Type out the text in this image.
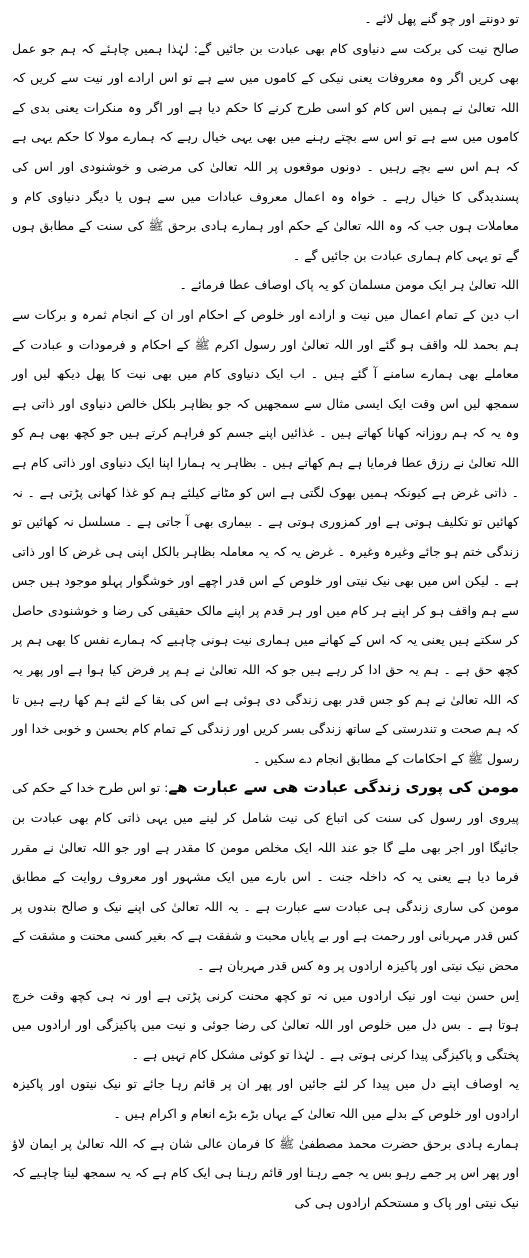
تو دونتے اور چو گنے پھل لائے ۔

صالح نیت کی برکت سے دنیاوی کام بھی عبادت بن جائیں گے: لہٰذا ہمیں چاہئے کہ ہم جو عمل بھی کریں اگر وہ معروفات یعنی نیکی کے کاموں میں سے ہے تو اس ارادے اور نیت سے کریں کہ اللہ تعالیٰ نے ہمیں اس کام کو اسی طرح کرنے کا حکم دیا ہے اور اگر وہ منکرات یعنی بدی کے کاموں میں سے ہے تو اس سے بچتے رہنے میں بھی یہی خیال رہے کہ ہمارے مولا کا حکم یہی ہے کہ ہم اس سے بچے رہیں ۔ دونوں موقعوں پر اللہ تعالیٰ کی مرضی و خوشنودی اور اس کی پسندیدگی کا خیال رہے ۔ خواہ وہ اعمال معروف عبادات میں سے ہوں یا دیگر دنیاوی کام و معاملات ہوں جب کہ وہ اللہ تعالیٰ کے حکم اور ہمارے ہادی برحق ﷺ کی سنت کے مطابق ہوں گے تو یہی کام ہماری عبادت بن جائیں گے ۔

اللہ تعالیٰ ہر ایک مومن مسلمان کو یہ پاک اوصاف عطا فرمائے ۔

اب دین کے تمام اعمال میں نیت و ارادے اور خلوص کے احکام اور ان کے انجام ثمرہ و برکات سے ہم بحمد للہ واقف ہو گئے اور اللہ تعالیٰ اور رسول اکرم ﷺ کے احکام و فرمودات و عبادت کے معاملے بھی ہمارے سامنے آ گئے ہیں ۔ اب ایک دنیاوی کام میں بھی نیت کا پھل دیکھ لیں اور سمجھ لیں اس وقت ایک ایسی مثال سے سمجھیں کہ جو بظاہر بلکل خالص دنیاوی اور ذاتی ہے وہ یہ کہ ہم روزانہ کھانا کھاتے ہیں ۔ غذائیں اپنے جسم کو فراہم کرتے ہیں جو کچھ بھی ہم کو اللہ تعالیٰ نے رزق عطا فرمایا ہے ہم کھاتے ہیں ۔ بظاہر یہ ہمارا اپنا ایک دنیاوی اور ذاتی کام ہے ۔ ذاتی غرض ہے کیونکہ ہمیں بھوک لگتی ہے اس کو مٹانے کیلئے ہم کو غذا کھانی پڑتی ہے ۔ نہ کھائیں تو تکلیف ہوتی ہے اور کمزوری ہوتی ہے ۔ بیماری بھی آ جاتی ہے ۔ مسلسل نہ کھائیں تو زندگی ختم ہو جائے وغیرہ وغیرہ ۔ غرض یہ کہ یہ معاملہ بظاہر بالکل اپنی ہی غرض کا اور ذاتی ہے ۔ لیکن اس میں بھی نیک نیتی اور خلوص کے اس قدر اچھے اور خوشگوار پہلو موجود ہیں جس سے ہم واقف ہو کر اپنے ہر کام میں اور ہر قدم پر اپنے مالک حقیقی کی رضا و خوشنودی حاصل کر سکتے ہیں یعنی یہ کہ اس کے کھانے میں ہماری نیت ہونی چاہیے کہ ہمارے نفس کا بھی ہم پر کچھ حق ہے ۔ ہم یہ حق ادا کر رہے ہیں جو کہ اللہ تعالیٰ نے ہم پر فرض کیا ہوا ہے اور پھر یہ کہ اللہ تعالیٰ نے ہم کو جس قدر بھی زندگی دی ہوئی ہے اس کی بقا کے لئے ہم کھا رہے ہیں تا کہ ہم صحت و تندرستی کے ساتھ زندگی بسر کریں اور زندگی کے تمام کام بحسن و خوبی خدا اور رسول ﷺ کے احکامات کے مطابق انجام دے سکیں ۔

مومن کی پوری زندگی عبادت ھی سے عبارت ھے: تو اس طرح خدا کے حکم کی پیروی اور رسول کی سنت کی اتباع کی نیت شامل کر لینے میں یہی ذاتی کام بھی عبادت بن جائیگا اور اجر بھی ملے گا جو عند اللہ ایک مخلص مومن کا مقدر ہے اور جو اللہ تعالیٰ نے مقرر فرما دیا ہے یعنی یہ کہ داخلہ جنت ۔ اس بارے میں ایک مشہور اور معروف روایت کے مطابق مومن کی ساری زندگی ہی عبادت سے عبارت ہے ۔ یہ اللہ تعالیٰ کی اپنے نیک و صالح بندوں پر کس قدر مہربانی اور رحمت ہے اور بے پایاں محبت و شفقت ہے کہ بغیر کسی محنت و مشقت کے محض نیک نیتی اور پاکیزہ ارادوں پر وہ کس قدر مہربان ہے ۔

اِس حسن نیت اور نیک ارادوں میں نہ تو کچھ محنت کرنی پڑتی ہے اور نہ ہی کچھ وقت خرچ ہوتا ہے ۔ بس دل میں خلوص اور اللہ تعالیٰ کی رضا جوئی و نیت میں پاکیزگی اور ارادوں میں پختگی و پاکیزگی پیدا کرنی ہوتی ہے ۔ لہٰذا تو کوئی مشکل کام نہیں ہے ۔

یہ اوصاف اپنے دل میں پیدا کر لئے جائیں اور پھر ان پر قائم رہا جائے تو نیک نیتوں اور پاکیزہ ارادوں اور خلوص کے بدلے میں اللہ تعالیٰ کے یہاں بڑے بڑے انعام و اکرام ہیں ۔

ہمارے ہادی برحق حضرت محمد مصطفیٰ ﷺ کا فرمان عالی شان ہے کہ اللہ تعالیٰ پر ایمان لاؤ اور پھر اس پر جمے رہو بس یہ جمے رہنا اور قائم رہنا ہی ایک کام ہے کہ یہ سمجھ لینا چاہیے کہ نیک نیتی اور پاک و مستحکم ارادوں ہی کی
